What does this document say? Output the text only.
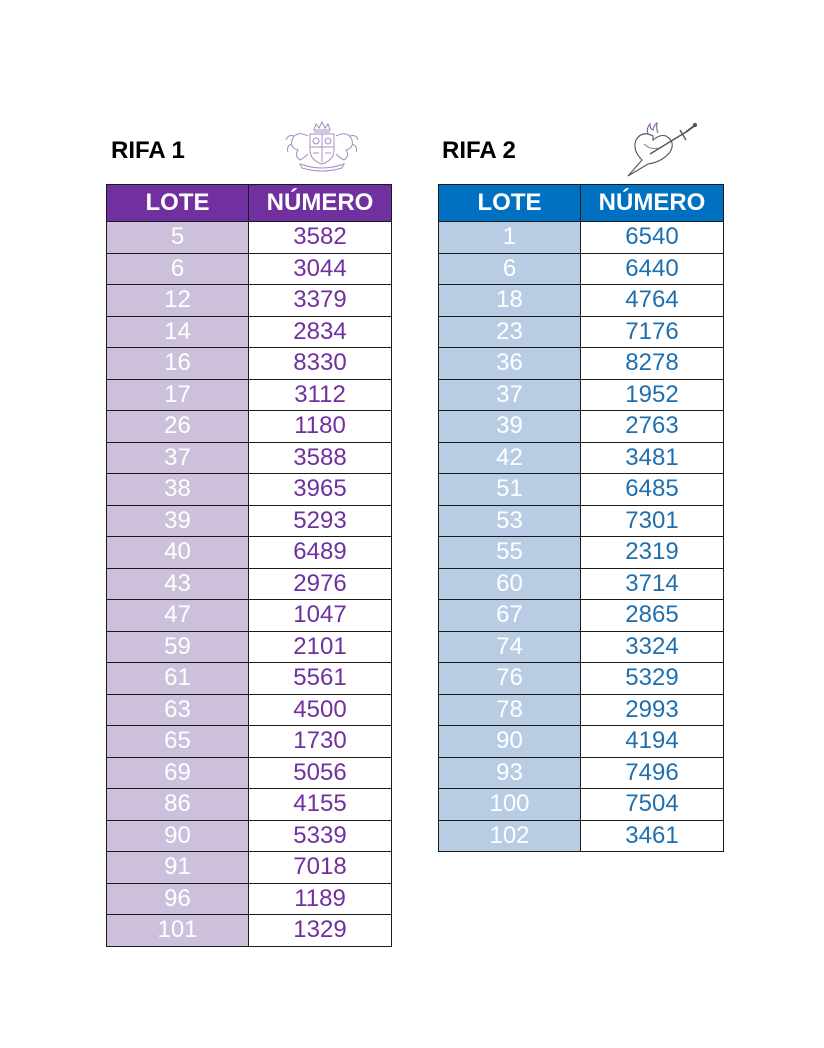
RIFA 1
LOTE	NÚMERO
5	3582
6	3044
12	3379
14	2834
16	8330
17	3112
26	1180
37	3588
38	3965
39	5293
40	6489
43	2976
47	1047
59	2101
61	5561
63	4500
65	1730
69	5056
86	4155
90	5339
91	7018
96	1189
101	1329
RIFA 2
LOTE	NÚMERO
1	6540
6	6440
18	4764
23	7176
36	8278
37	1952
39	2763
42	3481
51	6485
53	7301
55	2319
60	3714
67	2865
74	3324
76	5329
78	2993
90	4194
93	7496
100	7504
102	3461
